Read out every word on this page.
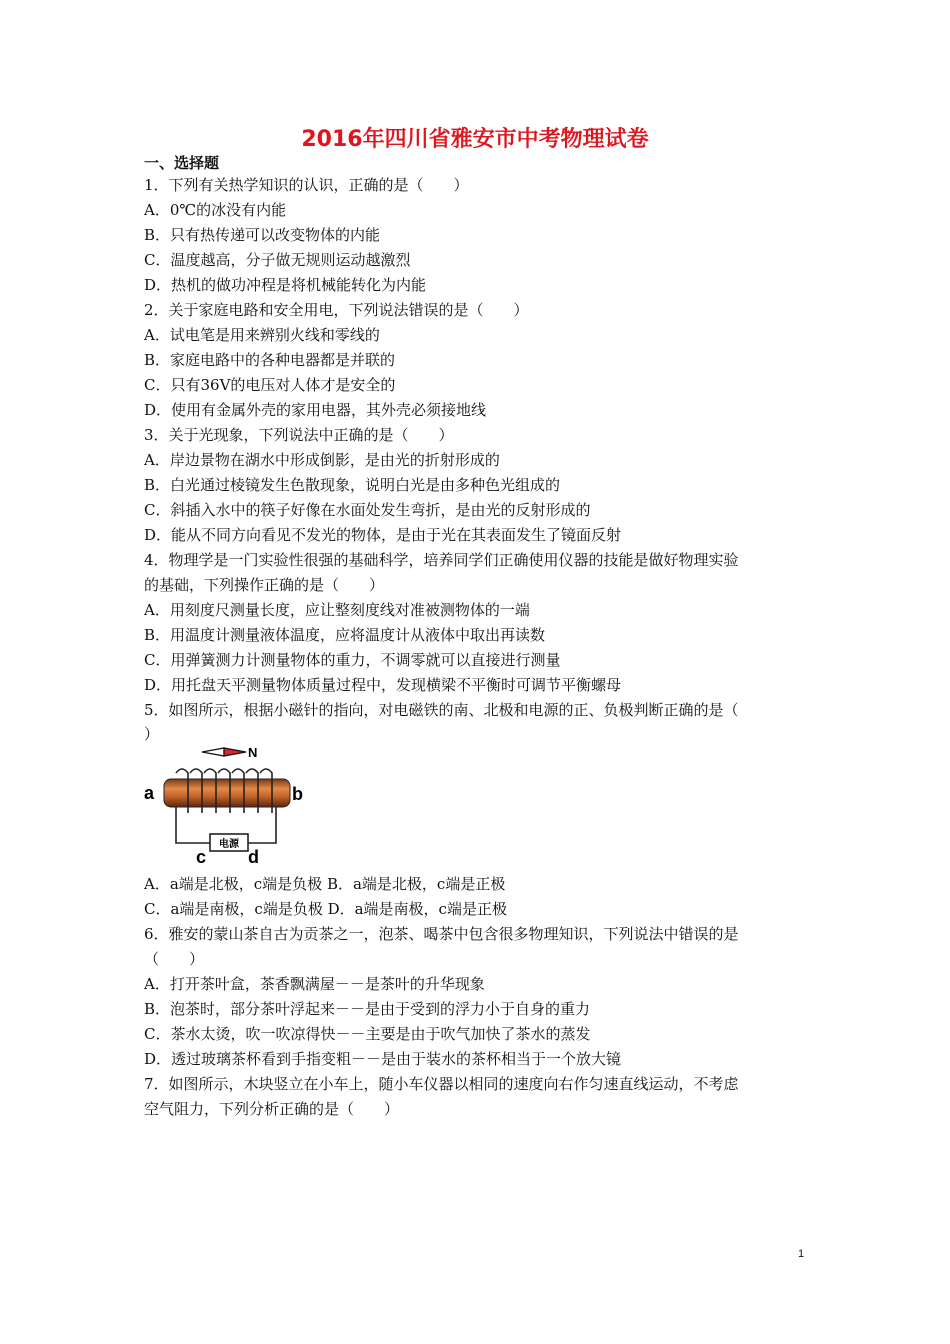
2016年四川省雅安市中考物理试卷
一、选择题
1．下列有关热学知识的认识，正确的是（　　）
A．0℃的冰没有内能
B．只有热传递可以改变物体的内能
C．温度越高，分子做无规则运动越激烈
D．热机的做功冲程是将机械能转化为内能
2．关于家庭电路和安全用电，下列说法错误的是（　　）
A．试电笔是用来辨别火线和零线的
B．家庭电路中的各种电器都是并联的
C．只有36V的电压对人体才是安全的
D．使用有金属外壳的家用电器，其外壳必须接地线
3．关于光现象，下列说法中正确的是（　　）
A．岸边景物在湖水中形成倒影，是由光的折射形成的
B．白光通过棱镜发生色散现象，说明白光是由多种色光组成的
C．斜插入水中的筷子好像在水面处发生弯折，是由光的反射形成的
D．能从不同方向看见不发光的物体，是由于光在其表面发生了镜面反射
4．物理学是一门实验性很强的基础科学，培养同学们正确使用仪器的技能是做好物理实验
的基础，下列操作正确的是（　　）
A．用刻度尺测量长度，应让整刻度线对准被测物体的一端
B．用温度计测量液体温度，应将温度计从液体中取出再读数
C．用弹簧测力计测量物体的重力，不调零就可以直接进行测量
D．用托盘天平测量物体质量过程中，发现横梁不平衡时可调节平衡螺母
5．如图所示，根据小磁针的指向，对电磁铁的南、北极和电源的正、负极判断正确的是（
）
A．a端是北极，c端是负极 B．a端是北极，c端是正极
C．a端是南极，c端是负极 D．a端是南极，c端是正极
6．雅安的蒙山茶自古为贡茶之一，泡茶、喝茶中包含很多物理知识，下列说法中错误的是
（　　）
A．打开茶叶盒，茶香飘满屋－－是茶叶的升华现象
B．泡茶时，部分茶叶浮起来－－是由于受到的浮力小于自身的重力
C．茶水太烫，吹一吹凉得快－－主要是由于吹气加快了茶水的蒸发
D．透过玻璃茶杯看到手指变粗－－是由于装水的茶杯相当于一个放大镜
7．如图所示，木块竖立在小车上，随小车仪器以相同的速度向右作匀速直线运动，不考虑
空气阻力，下列分析正确的是（　　）
N
电源
a	b
c d
1
